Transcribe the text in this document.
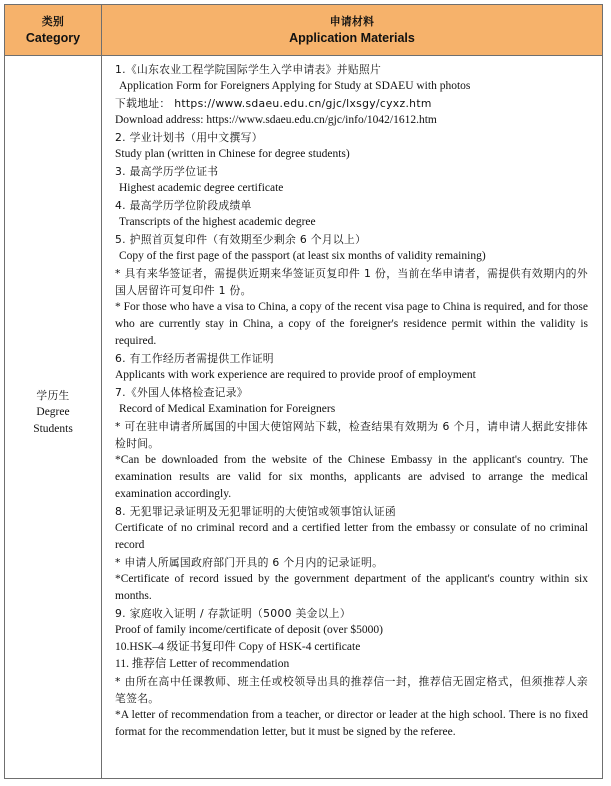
类别
Category
申请材料
Application Materials
学历生
Degree
Students
1.《山东农业工程学院国际学生入学申请表》并贴照片
Application Form for Foreigners Applying for Study at SDAEU with photos
下载地址： https://www.sdaeu.edu.cn/gjc/lxsgy/cyxz.htm
Download address: https://www.sdaeu.edu.cn/gjc/info/1042/1612.htm
2. 学业计划书（用中文撰写）
Study plan (written in Chinese for degree students)
3. 最高学历学位证书
Highest academic degree certificate
4. 最高学历学位阶段成绩单
Transcripts of the highest academic degree
5. 护照首页复印件（有效期至少剩余 6 个月以上）
Copy of the first page of the passport (at least six months of validity remaining)
* 具有来华签证者，需提供近期来华签证页复印件 1 份，当前在华申请者，需提供有效期内的外国人居留许可复印件 1 份。
* For those who have a visa to China, a copy of the recent visa page to China is required, and for those who are currently stay in China, a copy of the foreigner's residence permit within the validity is required.
6. 有工作经历者需提供工作证明
Applicants with work experience are required to provide proof of employment
7.《外国人体格检查记录》
Record of Medical Examination for Foreigners
* 可在驻申请者所属国的中国大使馆网站下载，检查结果有效期为 6 个月，请申请人据此安排体检时间。
*Can be downloaded from the website of the Chinese Embassy in the applicant's country. The examination results are valid for six months, applicants are advised to arrange the medical examination accordingly.
8. 无犯罪记录证明及无犯罪证明的大使馆或领事馆认证函
Certificate of no criminal record and a certified letter from the embassy or consulate of no criminal record
* 申请人所属国政府部门开具的 6 个月内的记录证明。
*Certificate of record issued by the government department of the applicant's country within six months.
9. 家庭收入证明 / 存款证明（5000 美金以上）
Proof of family income/certificate of deposit (over $5000)
10.HSK–4 级证书复印件 Copy of HSK-4 certificate
11. 推荐信 Letter of recommendation
* 由所在高中任课教师、班主任或校领导出具的推荐信一封，推荐信无固定格式，但须推荐人亲笔签名。
*A letter of recommendation from a teacher, or director or leader at the high school. There is no fixed format for the recommendation letter, but it must be signed by the referee.
